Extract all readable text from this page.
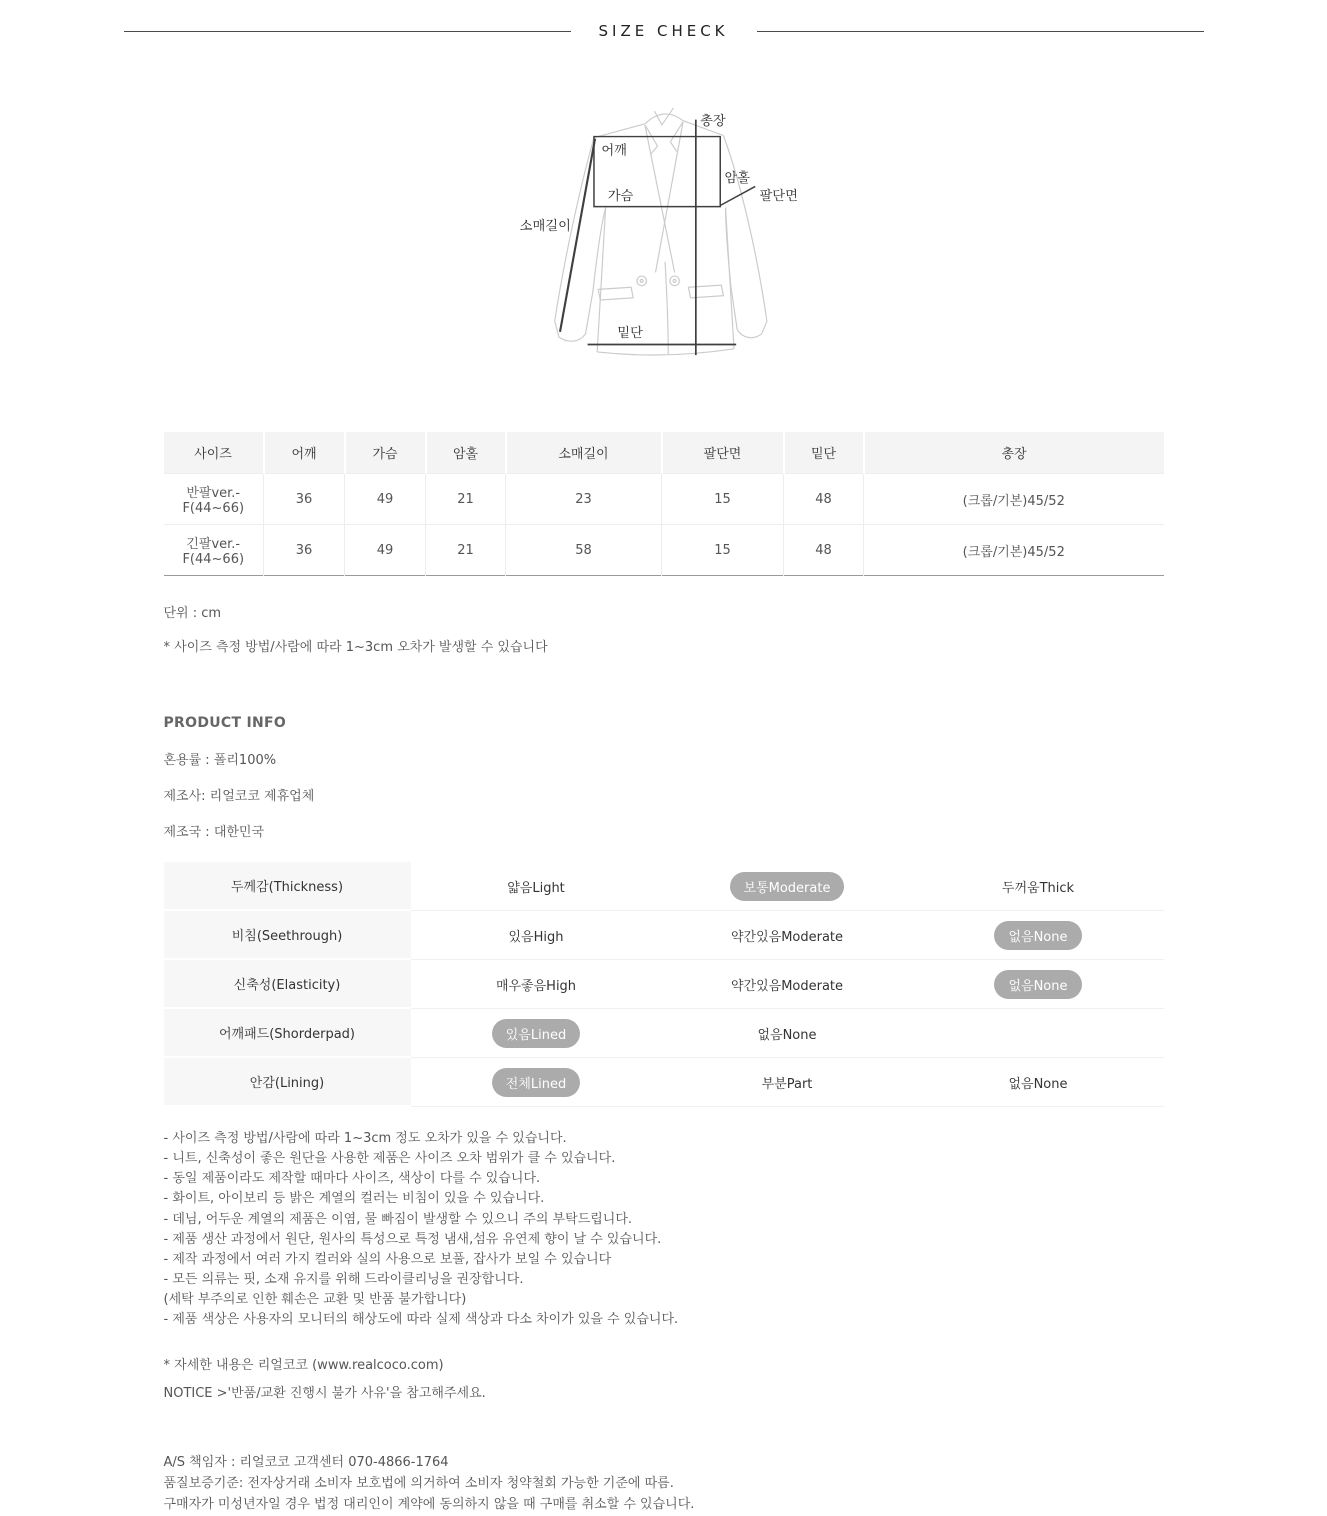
SIZE CHECK
총장
어깨
암홀
팔단면
가슴
소매길이
밑단
사이즈	어깨	가슴	암홀	소매길이	팔단면	밑단	총장
반팔ver.-F(44~66)	36	49	21	23	15	48	(크롭/기본)45/52
긴팔ver.-F(44~66)	36	49	21	58	15	48	(크롭/기본)45/52

단위 : cm

* 사이즈 측정 방법/사람에 따라 1~3cm 오차가 발생할 수 있습니다

PRODUCT INFO

혼용률 : 폴리100%

제조사: 리얼코코 제휴업체

제조국 : 대한민국

두께감(Thickness)	얇음Light	보통Moderate	두꺼움Thick
비침(Seethrough)	있음High	약간있음Moderate	없음None
신축성(Elasticity)	매우좋음High	약간있음Moderate	없음None
어깨패드(Shorderpad)	있음Lined	없음None
안감(Lining)	전체Lined	부분Part	없음None
- 사이즈 측정 방법/사람에 따라 1~3cm 정도 오차가 있을 수 있습니다.
- 니트, 신축성이 좋은 원단을 사용한 제품은 사이즈 오차 범위가 클 수 있습니다.
- 동일 제품이라도 제작할 때마다 사이즈, 색상이 다를 수 있습니다.
- 화이트, 아이보리 등 밝은 계열의 컬러는 비침이 있을 수 있습니다.
- 데님, 어두운 계열의 제품은 이염, 물 빠짐이 발생할 수 있으니 주의 부탁드립니다.
- 제품 생산 과정에서 원단, 원사의 특성으로 특정 냄새,섬유 유연제 향이 날 수 있습니다.
- 제작 과정에서 여러 가지 컬러와 실의 사용으로 보풀, 잡사가 보일 수 있습니다
- 모든 의류는 핏, 소재 유지를 위해 드라이클리닝을 권장합니다.
(세탁 부주의로 인한 훼손은 교환 및 반품 불가합니다)
- 제품 색상은 사용자의 모니터의 해상도에 따라 실제 색상과 다소 차이가 있을 수 있습니다.

* 자세한 내용은 리얼코코 (www.realcoco.com)

NOTICE >'반품/교환 진행시 불가 사유'을 참고해주세요.

A/S 책임자 : 리얼코코 고객센터 070-4866-1764

품질보증기준: 전자상거래 소비자 보호법에 의거하여 소비자 청약철회 가능한 기준에 따름.

구매자가 미성년자일 경우 법정 대리인이 계약에 동의하지 않을 때 구매를 취소할 수 있습니다.
